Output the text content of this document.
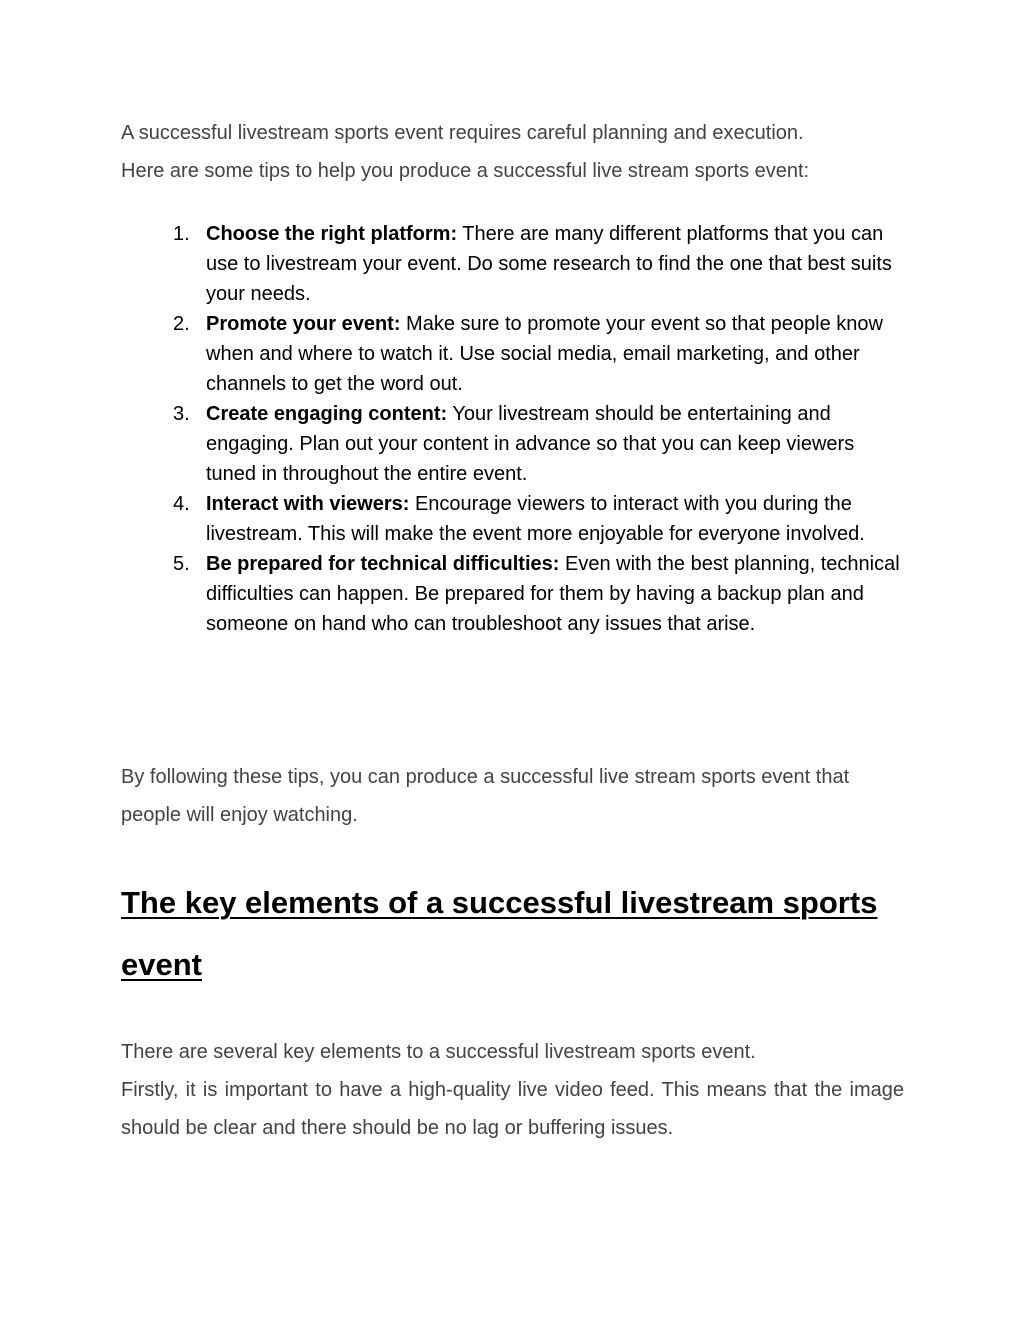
A successful livestream sports event requires careful planning and execution.

Here are some tips to help you produce a successful live stream sports event:

1. Choose the right platform: There are many different platforms that you can use to livestream your event. Do some research to find the one that best suits your needs.
2. Promote your event: Make sure to promote your event so that people know when and where to watch it. Use social media, email marketing, and other channels to get the word out.
3. Create engaging content: Your livestream should be entertaining and engaging. Plan out your content in advance so that you can keep viewers tuned in throughout the entire event.
4. Interact with viewers: Encourage viewers to interact with you during the livestream. This will make the event more enjoyable for everyone involved.
5. Be prepared for technical difficulties: Even with the best planning, technical difficulties can happen. Be prepared for them by having a backup plan and someone on hand who can troubleshoot any issues that arise.

By following these tips, you can produce a successful live stream sports event that people will enjoy watching.

The key elements of a successful livestream sports event

There are several key elements to a successful livestream sports event.

Firstly, it is important to have a high-quality live video feed. This means that the image should be clear and there should be no lag or buffering issues.
